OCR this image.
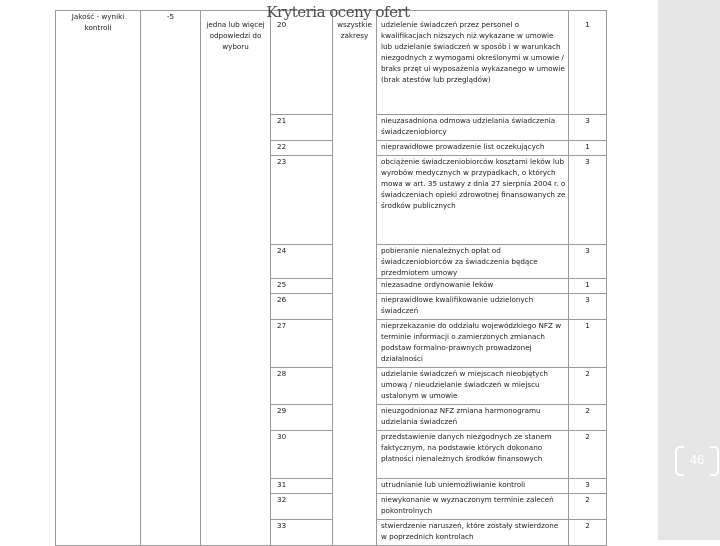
Kryteria oceny ofert
Jakość - wyniki kontroli	-5	jedna lub więcej odpowiedzi do wyboru	20	wszystkie zakresy	udzielenie świadczeń przez personel o kwalifikacjach niższych niż wykazane w umowie lub udzielanie świadczeń w sposób i w warunkach niezgodnych z wymogami określonymi w umowie / braks przęt ui wyposażenia wykazanego w umowie (brak atestów lub przeglądów)	1
			21		nieuzasadniona odmowa udzielania świadczenia świadczeniobiorcy	3
			22		nieprawidłowe prowadzenie list oczekujących	1
			23		obciążenie świadczeniobiorców kosztami leków lub wyrobów medycznych w przypadkach, o których mowa w art. 35 ustawy z dnia 27 sierpnia 2004 r. o świadczeniach opieki zdrowotnej finansowanych ze środków publicznych	3
			24		pobieranie nienależnych opłat od świadczeniobiorców za świadczenia będące przedmiotem umowy	3
			25		niezasadne ordynowanie leków	1
			26		nieprawidłowe kwalifikowanie udzielonych świadczeń	3
			27		nieprzekazanie do oddziału wojewódzkiego NFZ w terminie informacji o zamierzonych zmianach podstaw formalno-prawnych prowadzonej działalności	1
			28		udzielanie świadczeń w miejscach nieobjętych umową / nieudzielanie świadczeń w miejscu ustalonym w umowie	2
			29		nieuzgodnionaz NFZ zmiana harmonogramu udzielania świadczeń	2
			30		przedstawienie danych niezgodnych ze stanem faktycznym, na podstawie których dokonano płatności nienależnych środków finansowych	2
			31		utrudnianie lub uniemożliwianie kontroli	3
			32		niewykonanie w wyznaczonym terminie zaleceń pokontrolnych	2
			33		stwierdzenie naruszeń, które zostały stwierdzone w poprzednich kontrolach	2
46
